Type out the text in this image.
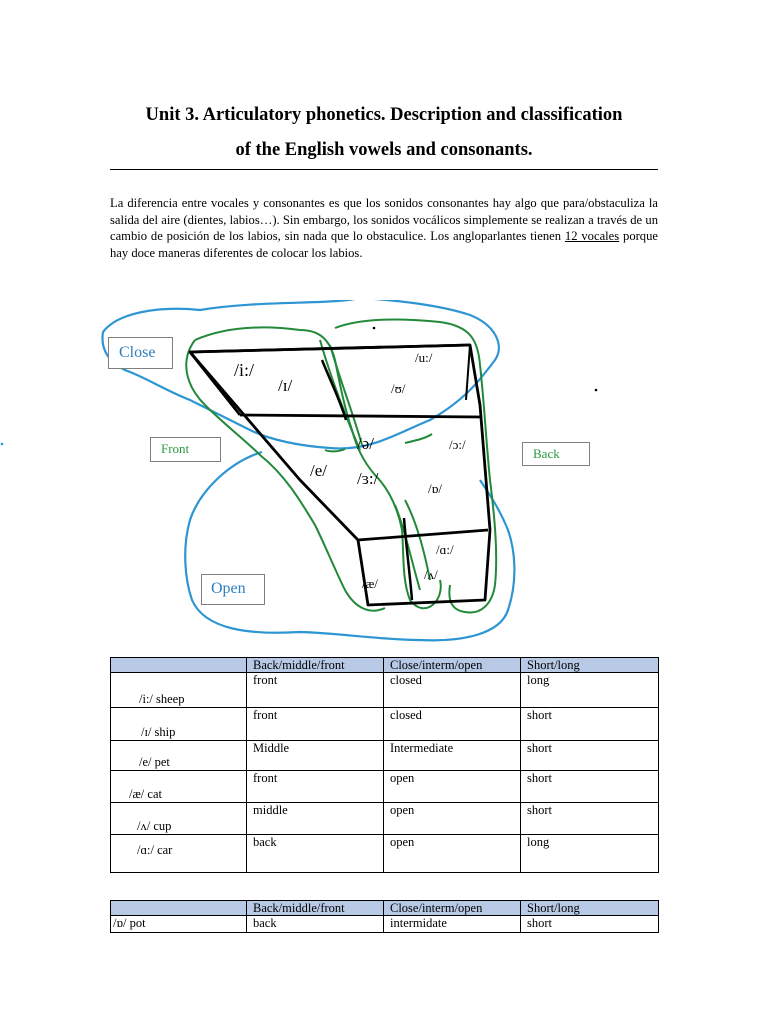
Unit 3. Articulatory phonetics. Description and classification
of the English vowels and consonants.
La diferencia entre vocales y consonantes es que los sonidos consonantes hay algo que para/obstaculiza la salida del aire (dientes, labios…). Sin embargo, los sonidos vocálicos simplemente se realizan a través de un cambio de posición de los labios, sin nada que lo obstaculice. Los angloparlantes tienen 12 vocales porque hay doce maneras diferentes de colocar los labios.
Close
Front	Back
Open
/i:/
/ɪ/
/u:/
/ʊ/
/ə/
/e/ /ɜ:/
/ɔ:/
/ɒ/
/ɑ:/
/æ/
/ʌ/
	Back/middle/front	Close/interm/open	Short/long
/i:/ sheep	front	closed	long
/ɪ/ ship	front	closed	short
/e/ pet	Middle	Intermediate	short
/æ/ cat	front	open	short
/ʌ/ cup	middle	open	short
/ɑ:/ car	back	open	long
	Back/middle/front	Close/interm/open	Short/long
/ɒ/ pot	back	intermidate	short
